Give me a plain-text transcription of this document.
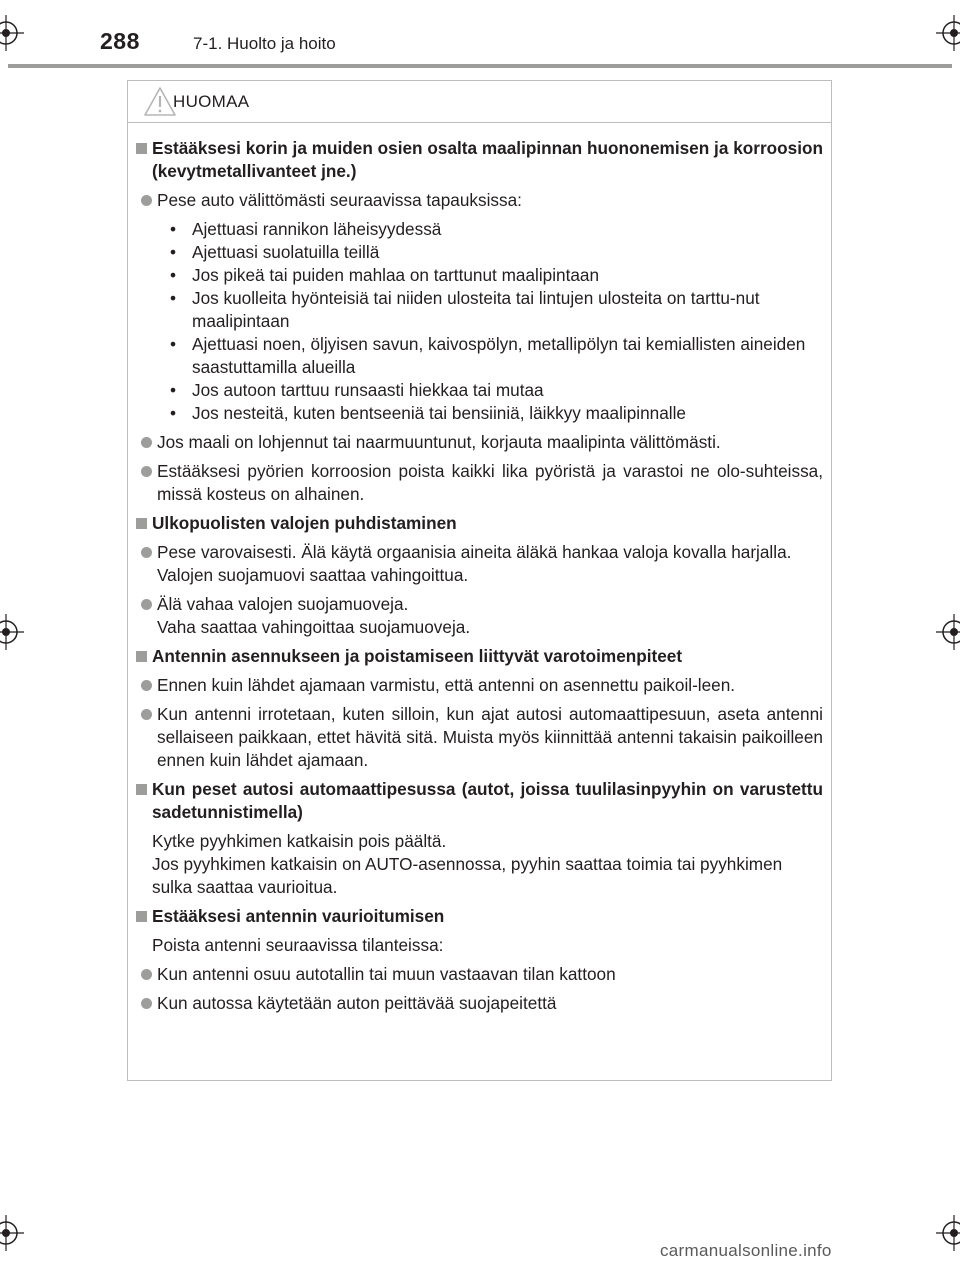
288	7-1. Huolto ja hoito
HUOMAA
Estääksesi korin ja muiden osien osalta maalipinnan huononemisen ja korroosion (kevytmetallivanteet jne.)
Pese auto välittömästi seuraavissa tapauksissa:
• Ajettuasi rannikon läheisyydessä
• Ajettuasi suolatuilla teillä
• Jos pikeä tai puiden mahlaa on tarttunut maalipintaan
• Jos kuolleita hyönteisiä tai niiden ulosteita tai lintujen ulosteita on tarttu-nut maalipintaan
• Ajettuasi noen, öljyisen savun, kaivospölyn, metallipölyn tai kemiallisten aineiden saastuttamilla alueilla
• Jos autoon tarttuu runsaasti hiekkaa tai mutaa
• Jos nesteitä, kuten bentseeniä tai bensiiniä, läikkyy maalipinnalle
Jos maali on lohjennut tai naarmuuntunut, korjauta maalipinta välittömästi.
Estääksesi pyörien korroosion poista kaikki lika pyöristä ja varastoi ne olo-suhteissa, missä kosteus on alhainen.
Ulkopuolisten valojen puhdistaminen
Pese varovaisesti. Älä käytä orgaanisia aineita äläkä hankaa valoja kovalla harjalla.
Valojen suojamuovi saattaa vahingoittua.
Älä vahaa valojen suojamuoveja.
Vaha saattaa vahingoittaa suojamuoveja.
Antennin asennukseen ja poistamiseen liittyvät varotoimenpiteet
Ennen kuin lähdet ajamaan varmistu, että antenni on asennettu paikoil-leen.
Kun antenni irrotetaan, kuten silloin, kun ajat autosi automaattipesuun, aseta antenni sellaiseen paikkaan, ettet hävitä sitä. Muista myös kiinnittää antenni takaisin paikoilleen ennen kuin lähdet ajamaan.
Kun peset autosi automaattipesussa (autot, joissa tuulilasinpyyhin on varustettu sadetunnistimella)
Kytke pyyhkimen katkaisin pois päältä.
Jos pyyhkimen katkaisin on AUTO-asennossa, pyyhin saattaa toimia tai pyyhkimen sulka saattaa vaurioitua.
Estääksesi antennin vaurioitumisen
Poista antenni seuraavissa tilanteissa:
Kun antenni osuu autotallin tai muun vastaavan tilan kattoon
Kun autossa käytetään auton peittävää suojapeitettä
carmanualsonline.info
